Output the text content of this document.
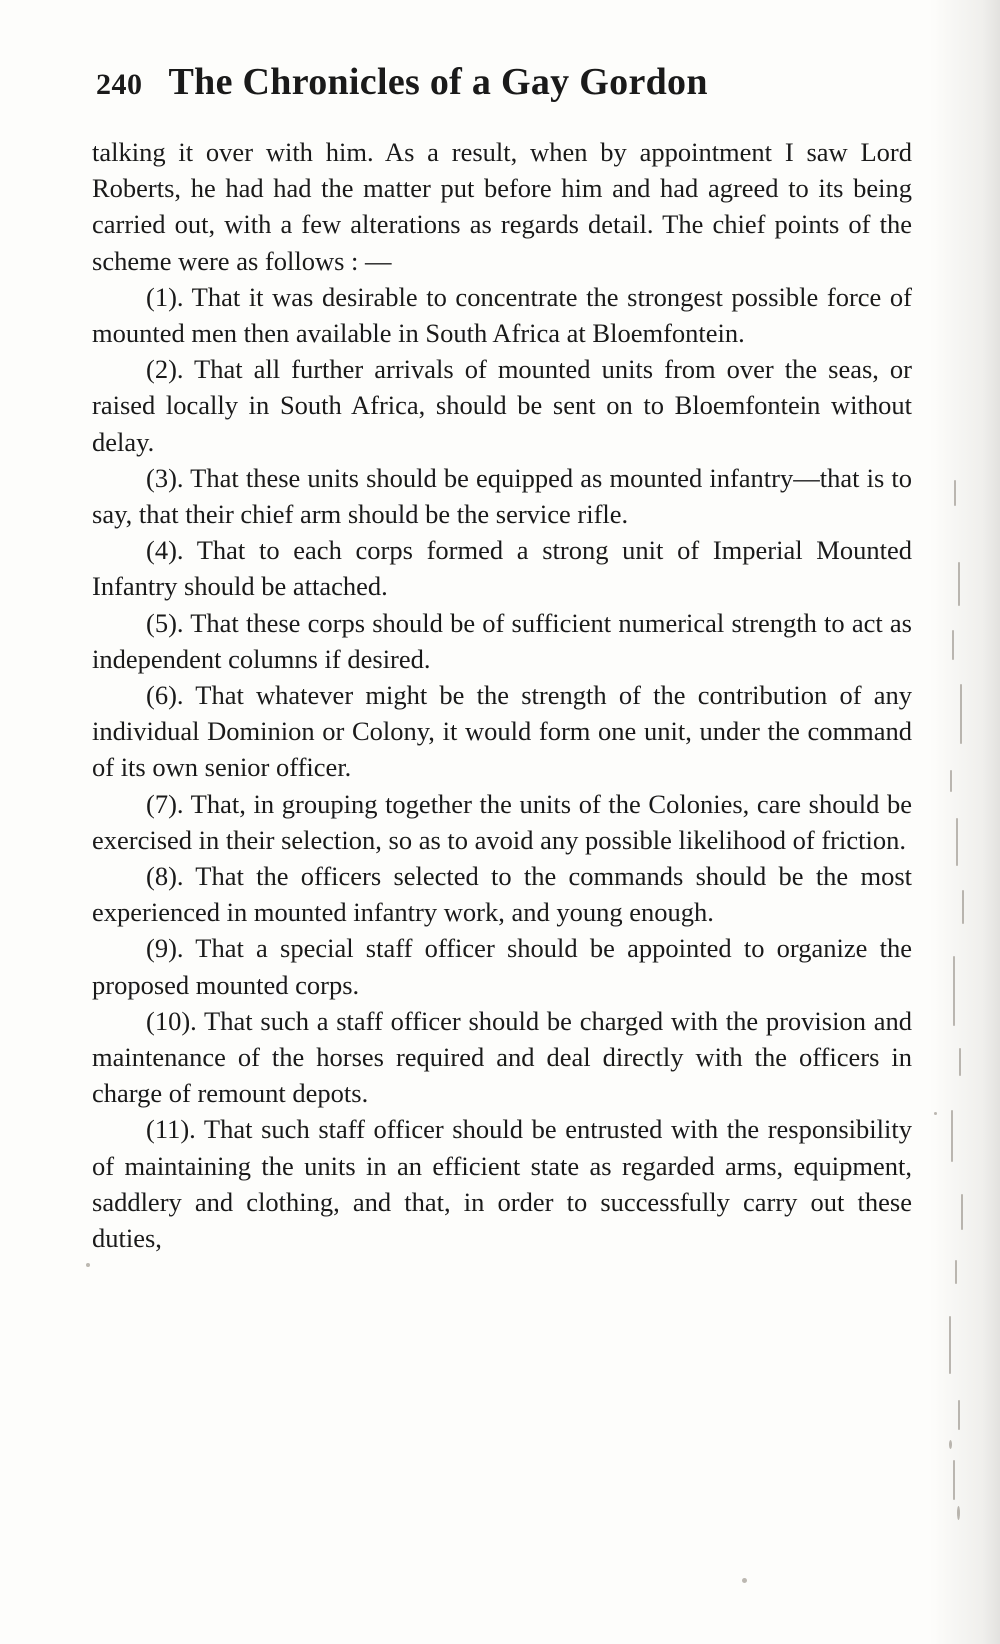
240 The Chronicles of a Gay Gordon

talking it over with him. As a result, when by appointment I saw Lord Roberts, he had had the matter put before him and had agreed to its being carried out, with a few alterations as regards detail. The chief points of the scheme were as follows : —

(1). That it was desirable to concentrate the strongest possible force of mounted men then available in South Africa at Bloemfontein.

(2). That all further arrivals of mounted units from over the seas, or raised locally in South Africa, should be sent on to Bloemfontein without delay.

(3). That these units should be equipped as mounted infantry—that is to say, that their chief arm should be the service rifle.

(4). That to each corps formed a strong unit of Imperial Mounted Infantry should be attached.

(5). That these corps should be of sufficient numerical strength to act as independent columns if desired.

(6). That whatever might be the strength of the contribution of any individual Dominion or Colony, it would form one unit, under the command of its own senior officer.

(7). That, in grouping together the units of the Colonies, care should be exercised in their selection, so as to avoid any possible likelihood of friction.

(8). That the officers selected to the commands should be the most experienced in mounted infantry work, and young enough.

(9). That a special staff officer should be appointed to organize the proposed mounted corps.

(10). That such a staff officer should be charged with the provision and maintenance of the horses required and deal directly with the officers in charge of remount depots.

(11). That such staff officer should be entrusted with the responsibility of maintaining the units in an efficient state as regarded arms, equipment, saddlery and clothing, and that, in order to successfully carry out these duties,
